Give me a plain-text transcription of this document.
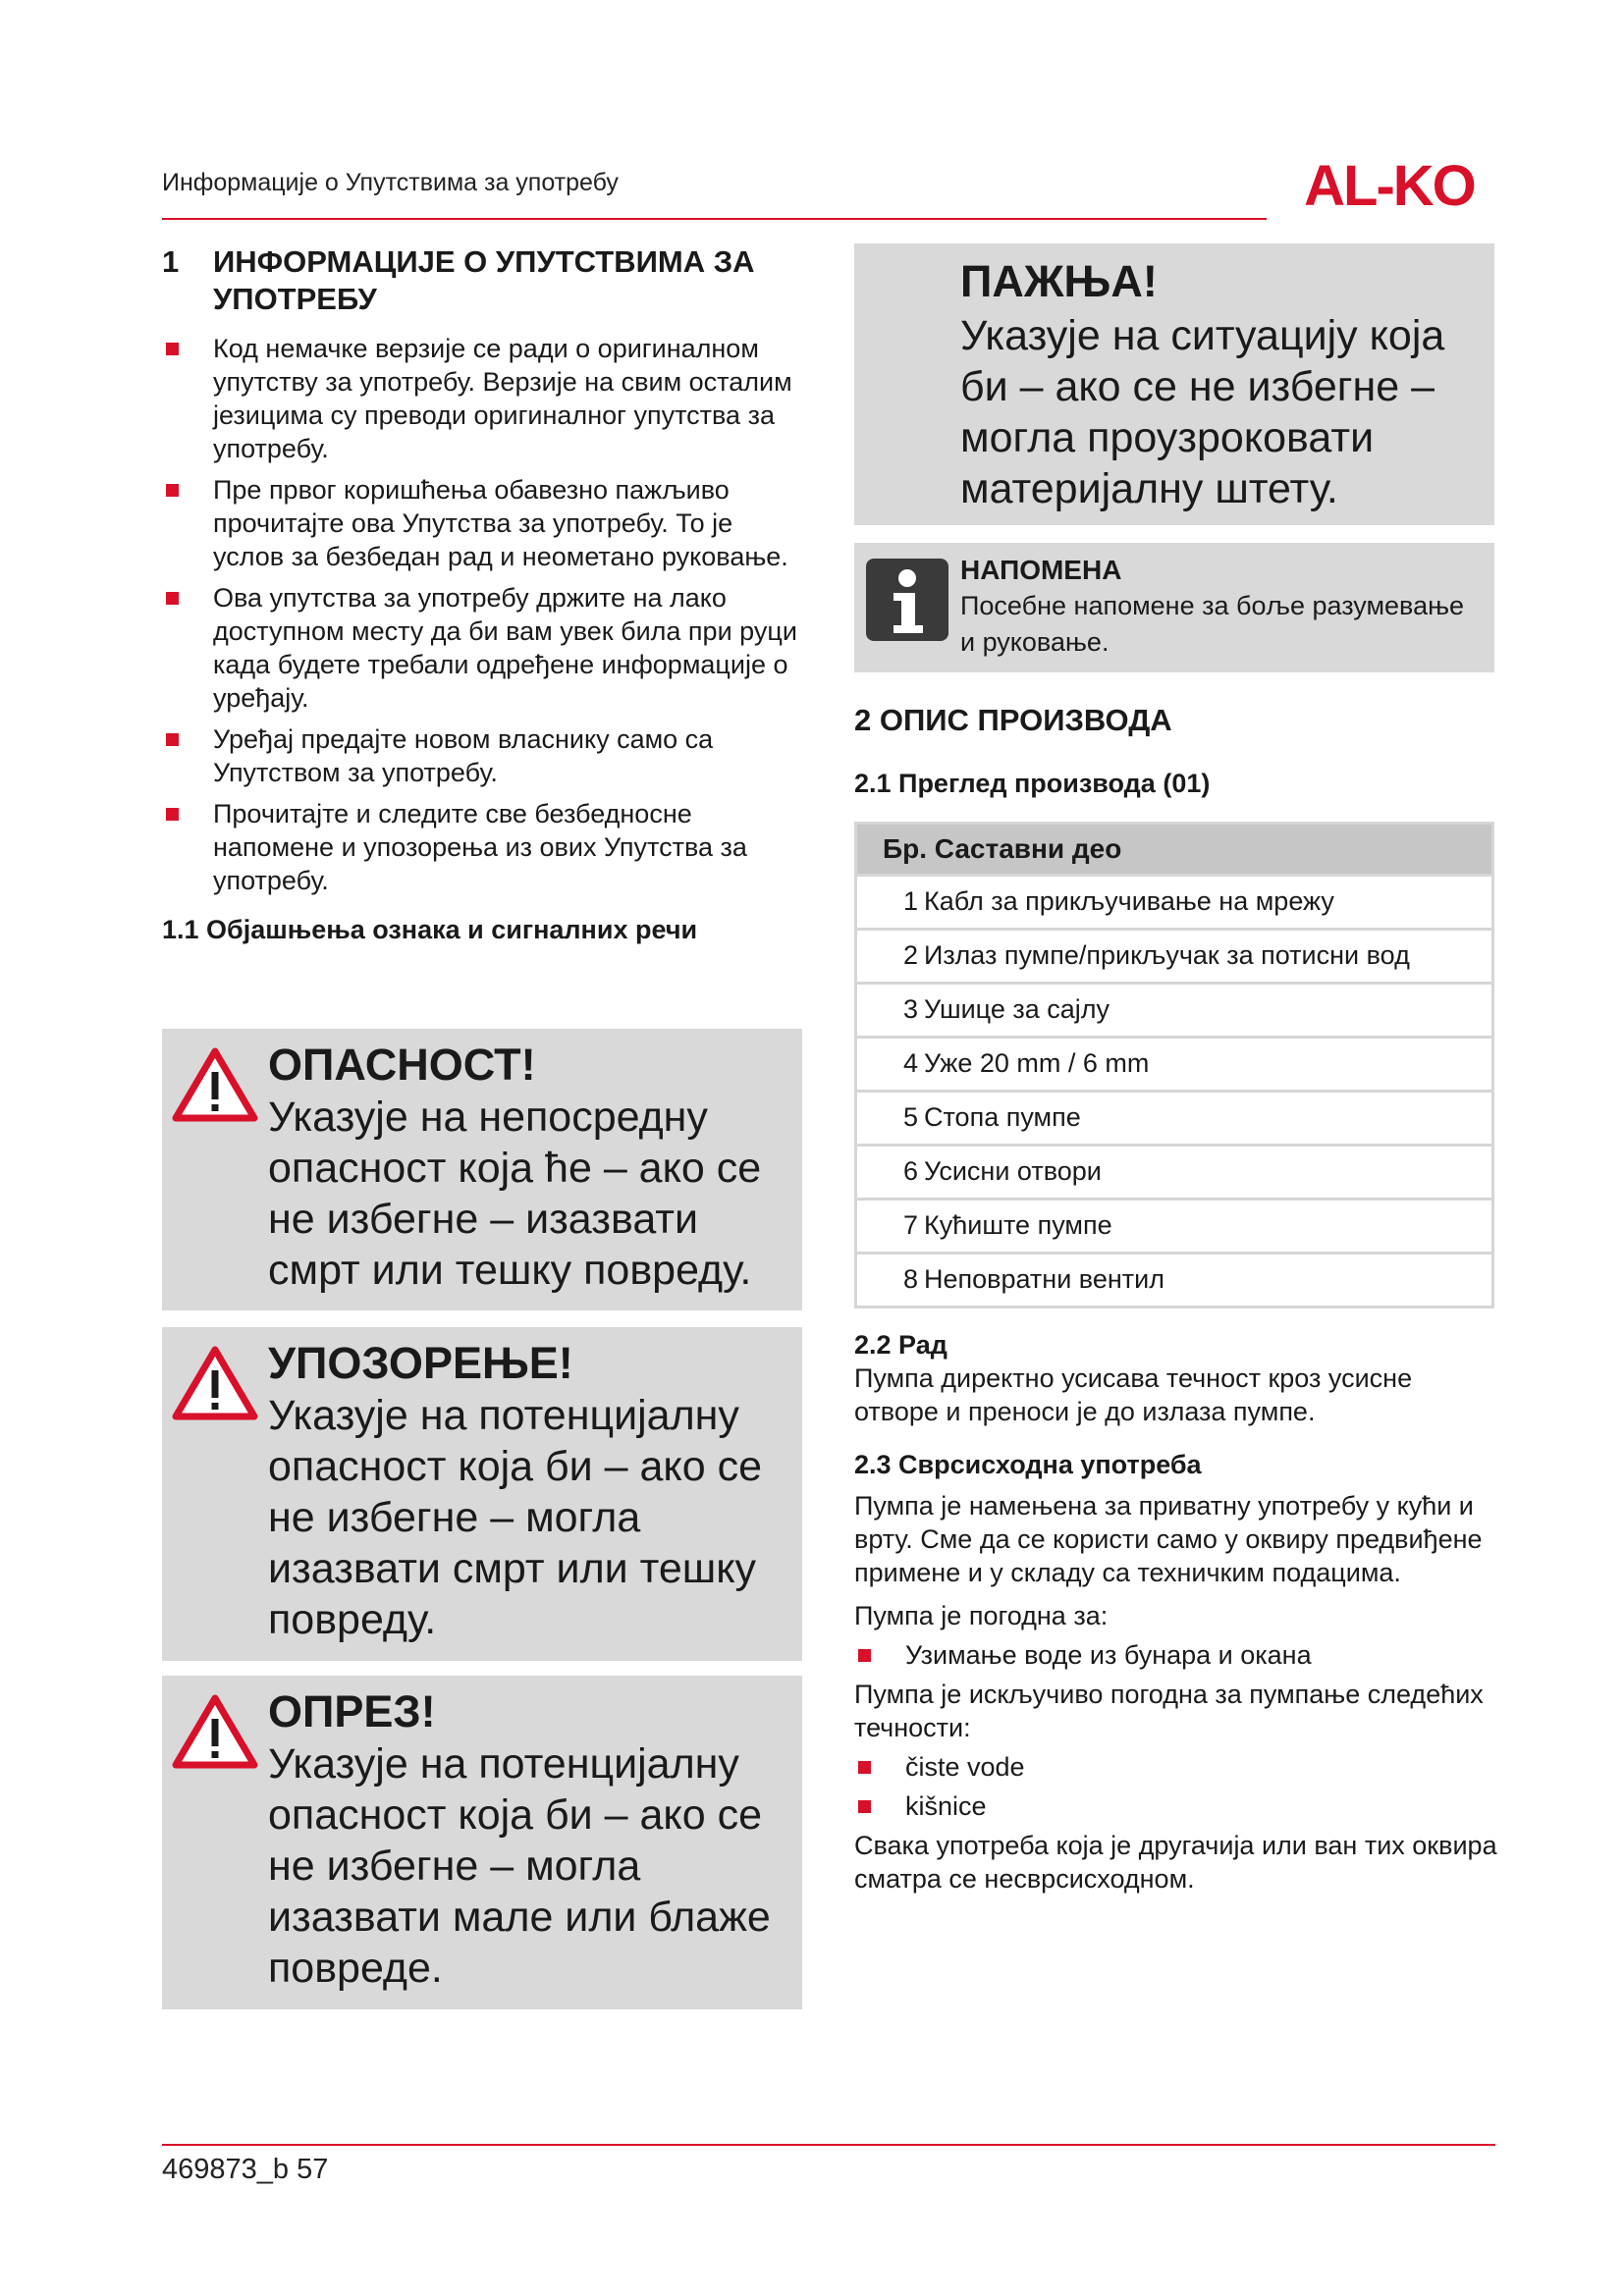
Информације о Упутствима за употребу	AL-KO
1	ИНФОРМАЦИЈЕ О УПУТСТВИМА ЗА УПОТРЕБУ
Код немачке верзије се ради о оригиналном упутству за употребу. Верзије на свим осталим језицима су преводи оригиналног упутства за употребу.
Пре првог коришћења обавезно пажљиво прочитајте ова Упутства за употребу. То је услов за безбедан рад и неометано руковање.
Ова упутства за употребу држите на лако доступном месту да би вам увек била при руци када будете требали одређене информације о уређају.
Уређај предајте новом власнику само са Упутством за употребу.
Прочитајте и следите све безбедносне напомене и упозорења из ових Упутства за употребу.
1.1 Објашњења ознака и сигналних речи
ОПАСНОСТ!
Указује на непосредну опасност која ће – ако се не избегне – изазвати смрт или тешку повреду.
УПОЗОРЕЊЕ!
Указује на потенцијалну опасност која би – ако се не избегне – могла изазвати смрт или тешку повреду.
ОПРЕЗ!
Указује на потенцијалну опасност која би – ако се не избегне – могла изазвати мале или блаже повреде.
ПАЖЊА!
Указује на ситуацију која би – ако се не избегне – могла проузроковати материјалну штету.
НАПОМЕНА
Посебне напомене за боље разумевање и руковање.

2 ОПИС ПРОИЗВОДА

2.1 Преглед производа (01)

Бр. Саставни део

1 Кабл за прикључивање на мрежу

2 Излаз пумпе/прикључак за потисни вод

3 Ушице за сајлу

4 Уже 20 mm / 6 mm

5 Стопа пумпе

6 Усисни отвори

7 Кућиште пумпе

8 Неповратни вентил

2.2 Рад

Пумпа директно усисава течност кроз усисне отворе и преноси је до излаза пумпе.

2.3 Сврсисходна употреба

Пумпа је намењена за приватну употребу у кући и врту. Сме да се користи само у оквиру предвиђене примене и у складу са техничким подацима.

Пумпа је погодна за:

Узимање воде из бунара и окана

Пумпа је искључиво погодна за пумпање следећих течности:

čiste vode
kišnice

Свака употреба која је другачија или ван тих оквира сматра се несврсисходном.

469873_b 57
